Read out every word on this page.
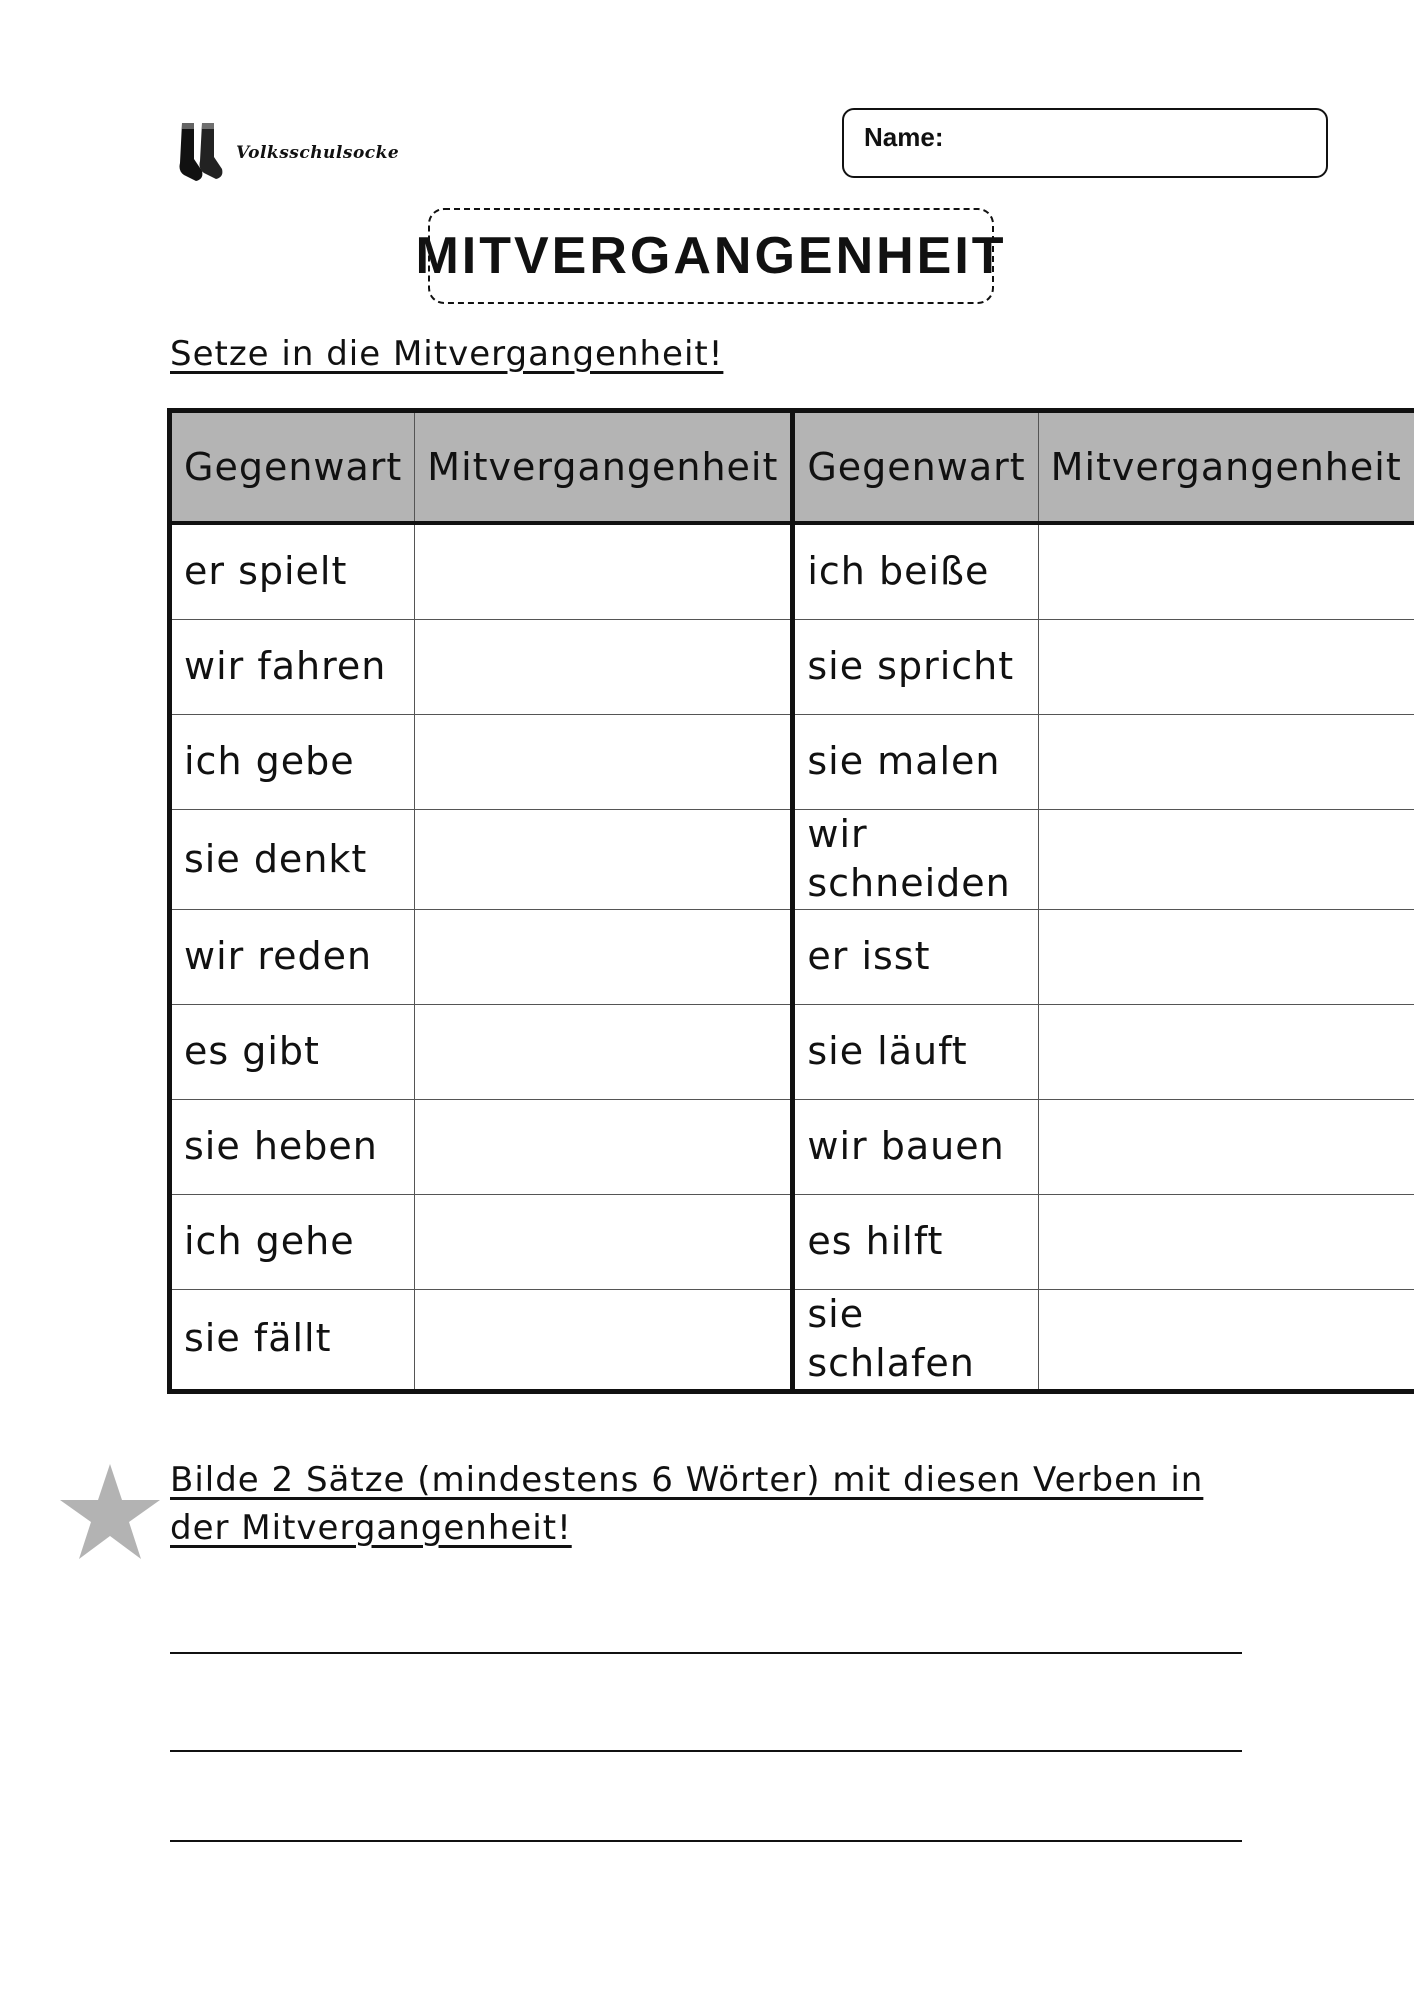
Volksschulsocke
Name:
MITVERGANGENHEIT
Setze in die Mitvergangenheit!
Gegenwart	Mitvergangenheit	Gegenwart	Mitvergangenheit
er spielt		ich beiße	
wir fahren		sie spricht	
ich gebe		sie malen	
sie denkt		wir schneiden	
wir reden		er isst	
es gibt		sie läuft	
sie heben		wir bauen	
ich gehe		es hilft	
sie fällt		sie schlafen	
Bilde 2 Sätze (mindestens 6 Wörter) mit diesen Verben in der Mitvergangenheit!
